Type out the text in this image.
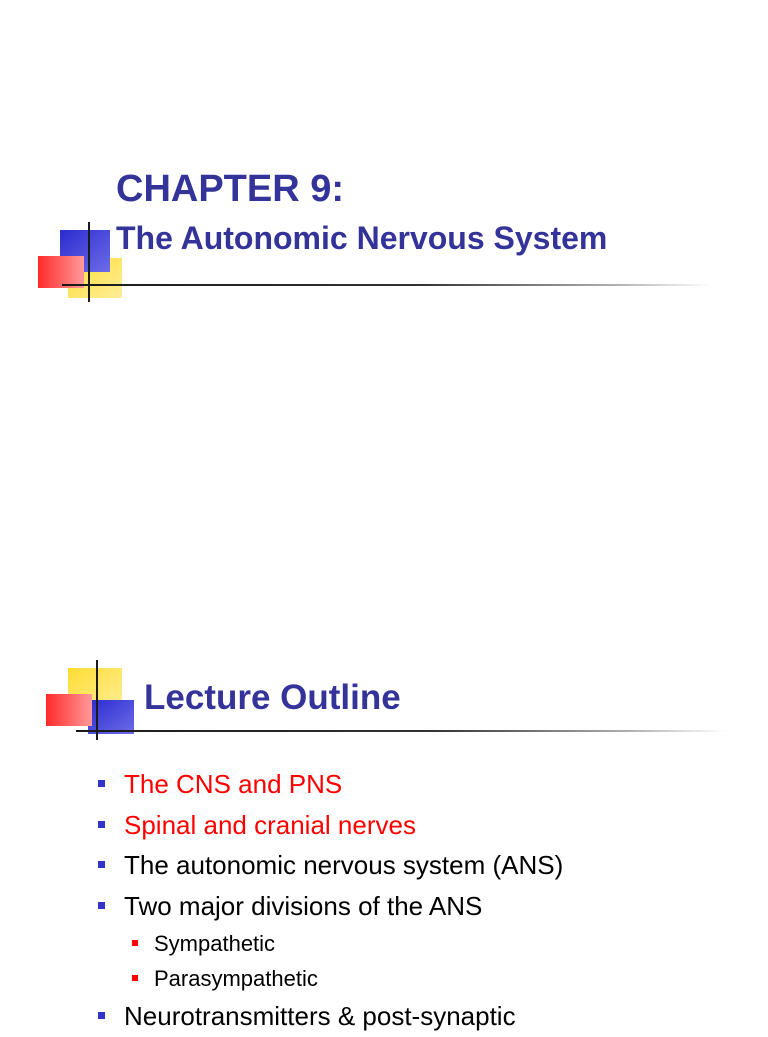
CHAPTER 9:
The Autonomic Nervous System
Lecture Outline
The CNS and PNS
Spinal and cranial nerves
The autonomic nervous system (ANS)
Two major divisions of the ANS
Sympathetic
Parasympathetic
Neurotransmitters & post-synaptic
